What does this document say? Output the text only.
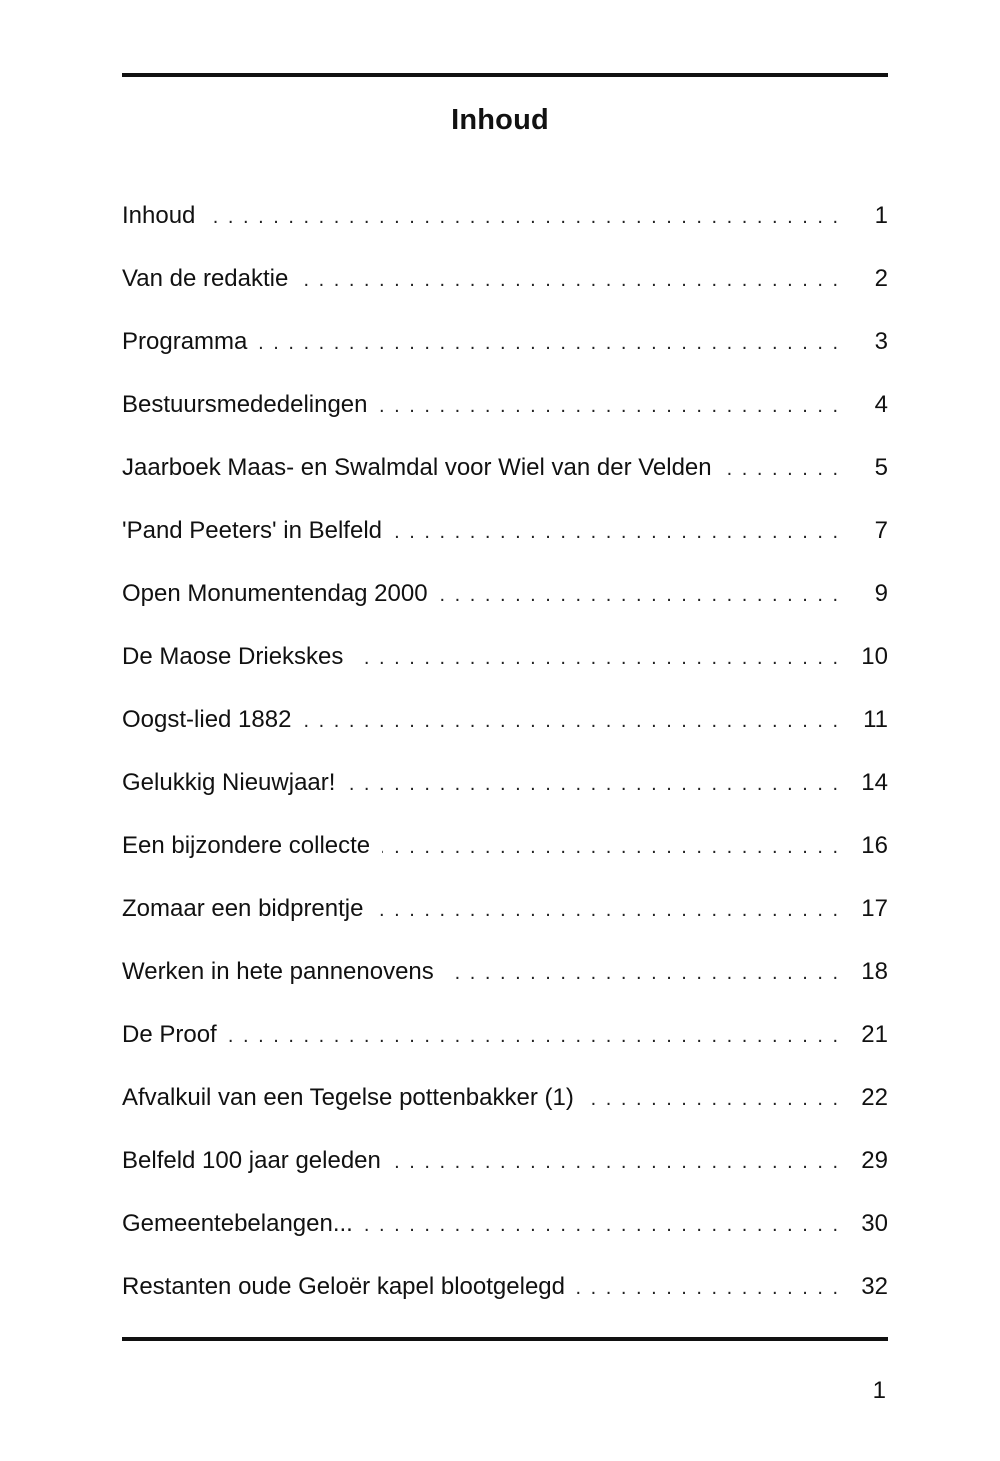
Inhoud
Inhoud . . .	1
Van de redaktie . . .	2
Programma . . .	3
Bestuursmededelingen . . .	4
Jaarboek Maas- en Swalmdal voor Wiel van der Velden . . .	5
'Pand Peeters' in Belfeld . . .	7
Open Monumentendag 2000 . . .	9
De Maose Driekskes . . .	10
Oogst-lied 1882 . . .	11
Gelukkig Nieuwjaar! . . .	14
Een bijzondere collecte . . .	16
Zomaar een bidprentje . . .	17
Werken in hete pannenovens . . .	18
De Proof . . .	21
Afvalkuil van een Tegelse pottenbakker (1) . . .	22
Belfeld 100 jaar geleden . . .	29
Gemeentebelangen... . . .	30
Restanten oude Geloër kapel blootgelegd . . .	32
1
